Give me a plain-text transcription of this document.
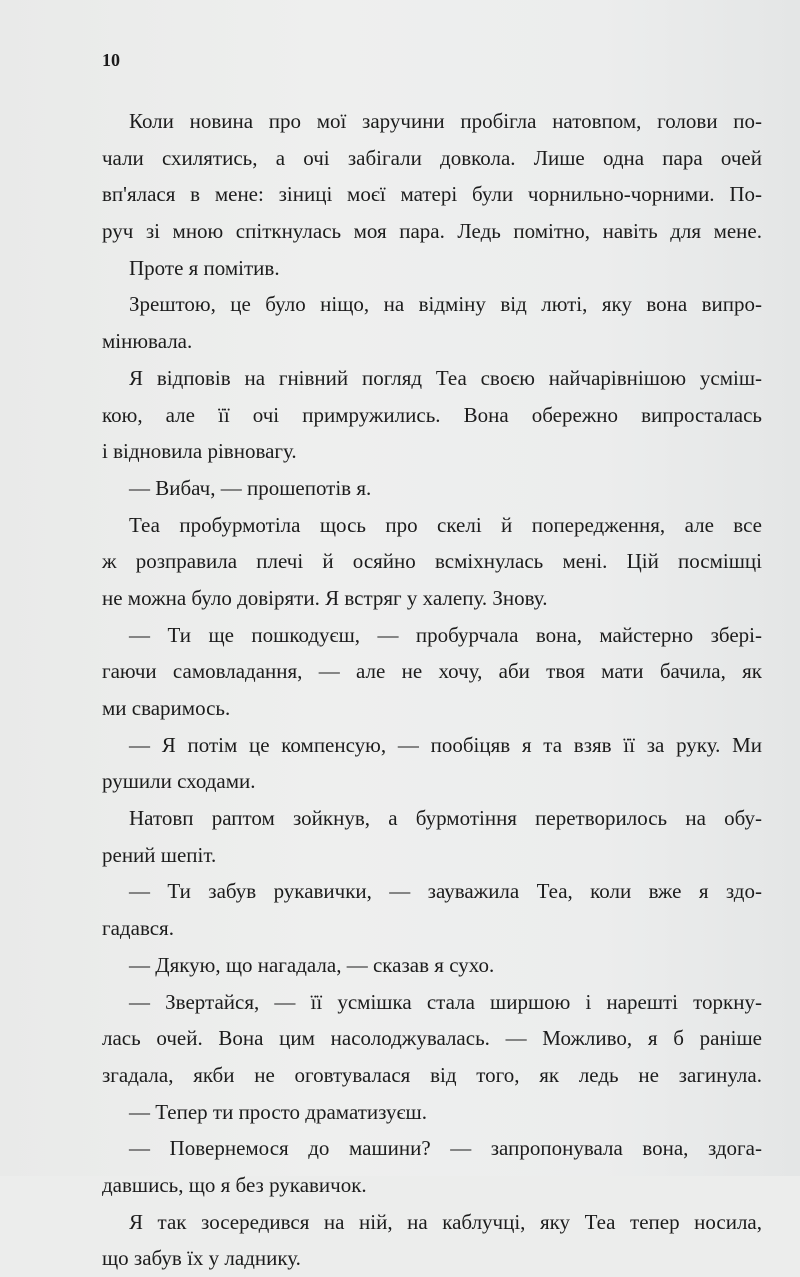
10
Коли новина про мої заручини пробігла натовпом, голови по-
чали схилятись, а очі забігали довкола. Лише одна пара очей
вп'ялася в мене: зіниці моєї матері були чорнильно-чорними. По-
руч зі мною спіткнулась моя пара. Ледь помітно, навіть для мене.
Проте я помітив.
Зрештою, це було ніщо, на відміну від люті, яку вона випро-
мінювала.
Я відповів на гнівний погляд Теа своєю найчарівнішою усміш-
кою, але її очі примружились. Вона обережно випросталась
і відновила рівновагу.
— Вибач, — прошепотів я.
Теа пробурмотіла щось про скелі й попередження, але все
ж розправила плечі й осяйно всміхнулась мені. Цій посмішці
не можна було довіряти. Я встряг у халепу. Знову.
— Ти ще пошкодуєш, — пробурчала вона, майстерно збері-
гаючи самовладання, — але не хочу, аби твоя мати бачила, як
ми сваримось.
— Я потім це компенсую, — пообіцяв я та взяв її за руку. Ми
рушили сходами.
Натовп раптом зойкнув, а бурмотіння перетворилось на обу-
рений шепіт.
— Ти забув рукавички, — зауважила Теа, коли вже я здо-
гадався.
— Дякую, що нагадала, — сказав я сухо.
— Звертайся, — її усмішка стала ширшою і нарешті торкну-
лась очей. Вона цим насолоджувалась. — Можливо, я б раніше
згадала, якби не оговтувалася від того, як ледь не загинула.
— Тепер ти просто драматизуєш.
— Повернемося до машини? — запропонувала вона, здога-
давшись, що я без рукавичок.
Я так зосередився на ній, на каблучці, яку Теа тепер носила,
що забув їх у ладнику.
